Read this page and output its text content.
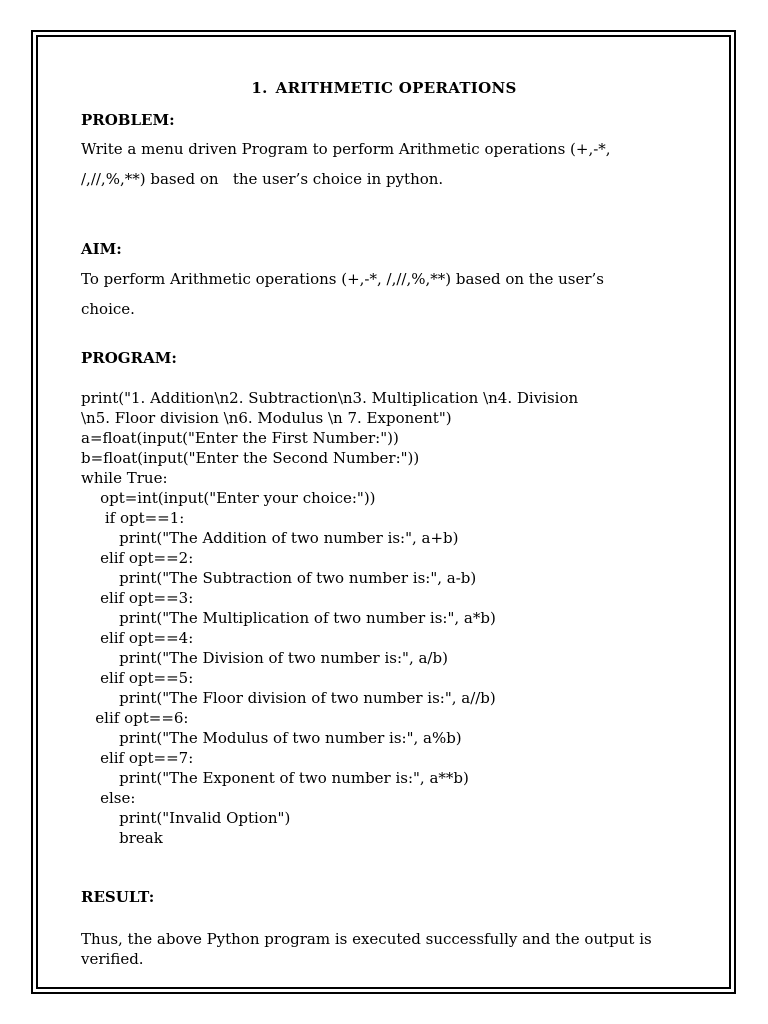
1. ARITHMETIC OPERATIONS
PROBLEM:
Write a menu driven Program to perform Arithmetic operations (+,-*,
/,//,%,**) based on   the user’s choice in python.
AIM:
To perform Arithmetic operations (+,-*, /,//,%,**) based on the user’s
choice.
PROGRAM:
print("1. Addition\n2. Subtraction\n3. Multiplication \n4. Division
\n5. Floor division \n6. Modulus \n 7. Exponent")
a=float(input("Enter the First Number:"))
b=float(input("Enter the Second Number:"))
while True:
opt=int(input("Enter your choice:"))
if opt==1:
print("The Addition of two number is:", a+b)
elif opt==2:
print("The Subtraction of two number is:", a-b)
elif opt==3:
print("The Multiplication of two number is:", a*b)
elif opt==4:
print("The Division of two number is:", a/b)
elif opt==5:
print("The Floor division of two number is:", a//b)
elif opt==6:
print("The Modulus of two number is:", a%b)
elif opt==7:
print("The Exponent of two number is:", a**b)
else:
print("Invalid Option")
break
RESULT:

Thus, the above Python program is executed successfully and the output is verified.
